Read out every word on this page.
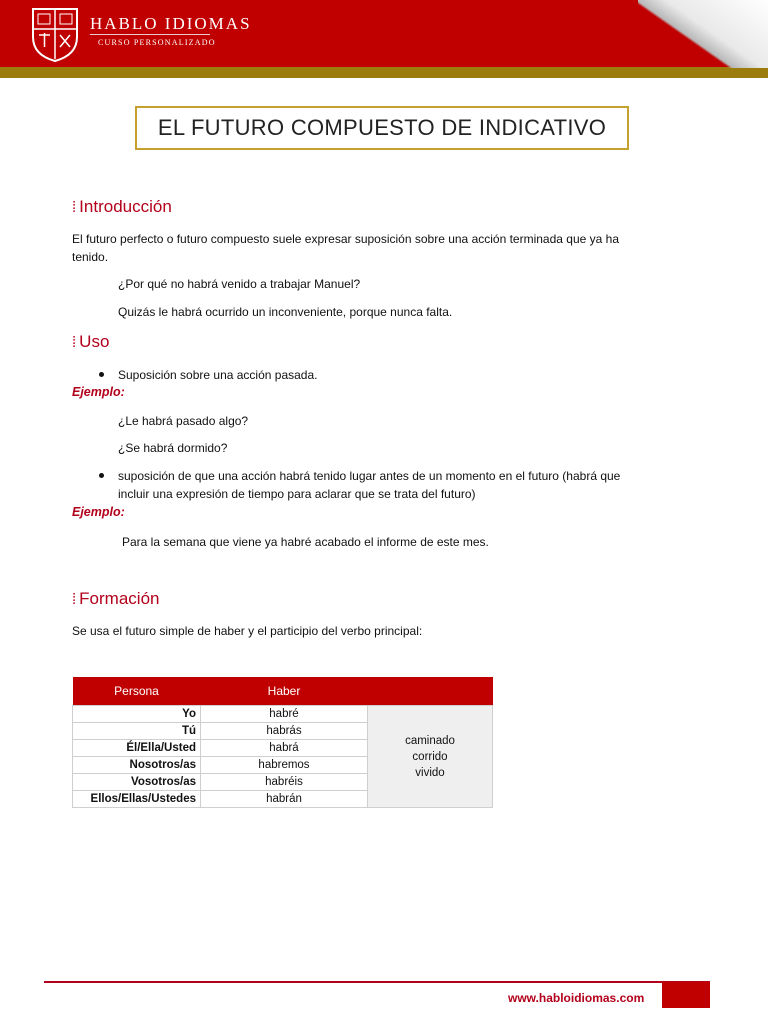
HABLO IDIOMAS
CURSO PERSONALIZADO
EL FUTURO COMPUESTO DE INDICATIVO
⁞ Introducción
El futuro perfecto o futuro compuesto suele expresar suposición sobre una acción terminada que ya ha
tenido.
¿Por qué no habrá venido a trabajar Manuel?
Quizás le habrá ocurrido un inconveniente, porque nunca falta.
⁞ Uso
Suposición sobre una acción pasada.
Ejemplo:
¿Le habrá pasado algo?
¿Se habrá dormido?
suposición de que una acción habrá tenido lugar antes de un momento en el futuro (habrá que
incluir una expresión de tiempo para aclarar que se trata del futuro)
Ejemplo:
Para la semana que viene ya habré acabado el informe de este mes.
⁞ Formación
Se usa el futuro simple de haber y el participio del verbo principal:
Persona	Haber	
Yo	habré	caminado
corrido
vivido

Tú	habrás	
Él/Ella/Usted	habrá	
Nosotros/as	habremos	
Vosotros/as	habréis	
Ellos/Ellas/Ustedes	habrán	
www.habloidiomas.com
